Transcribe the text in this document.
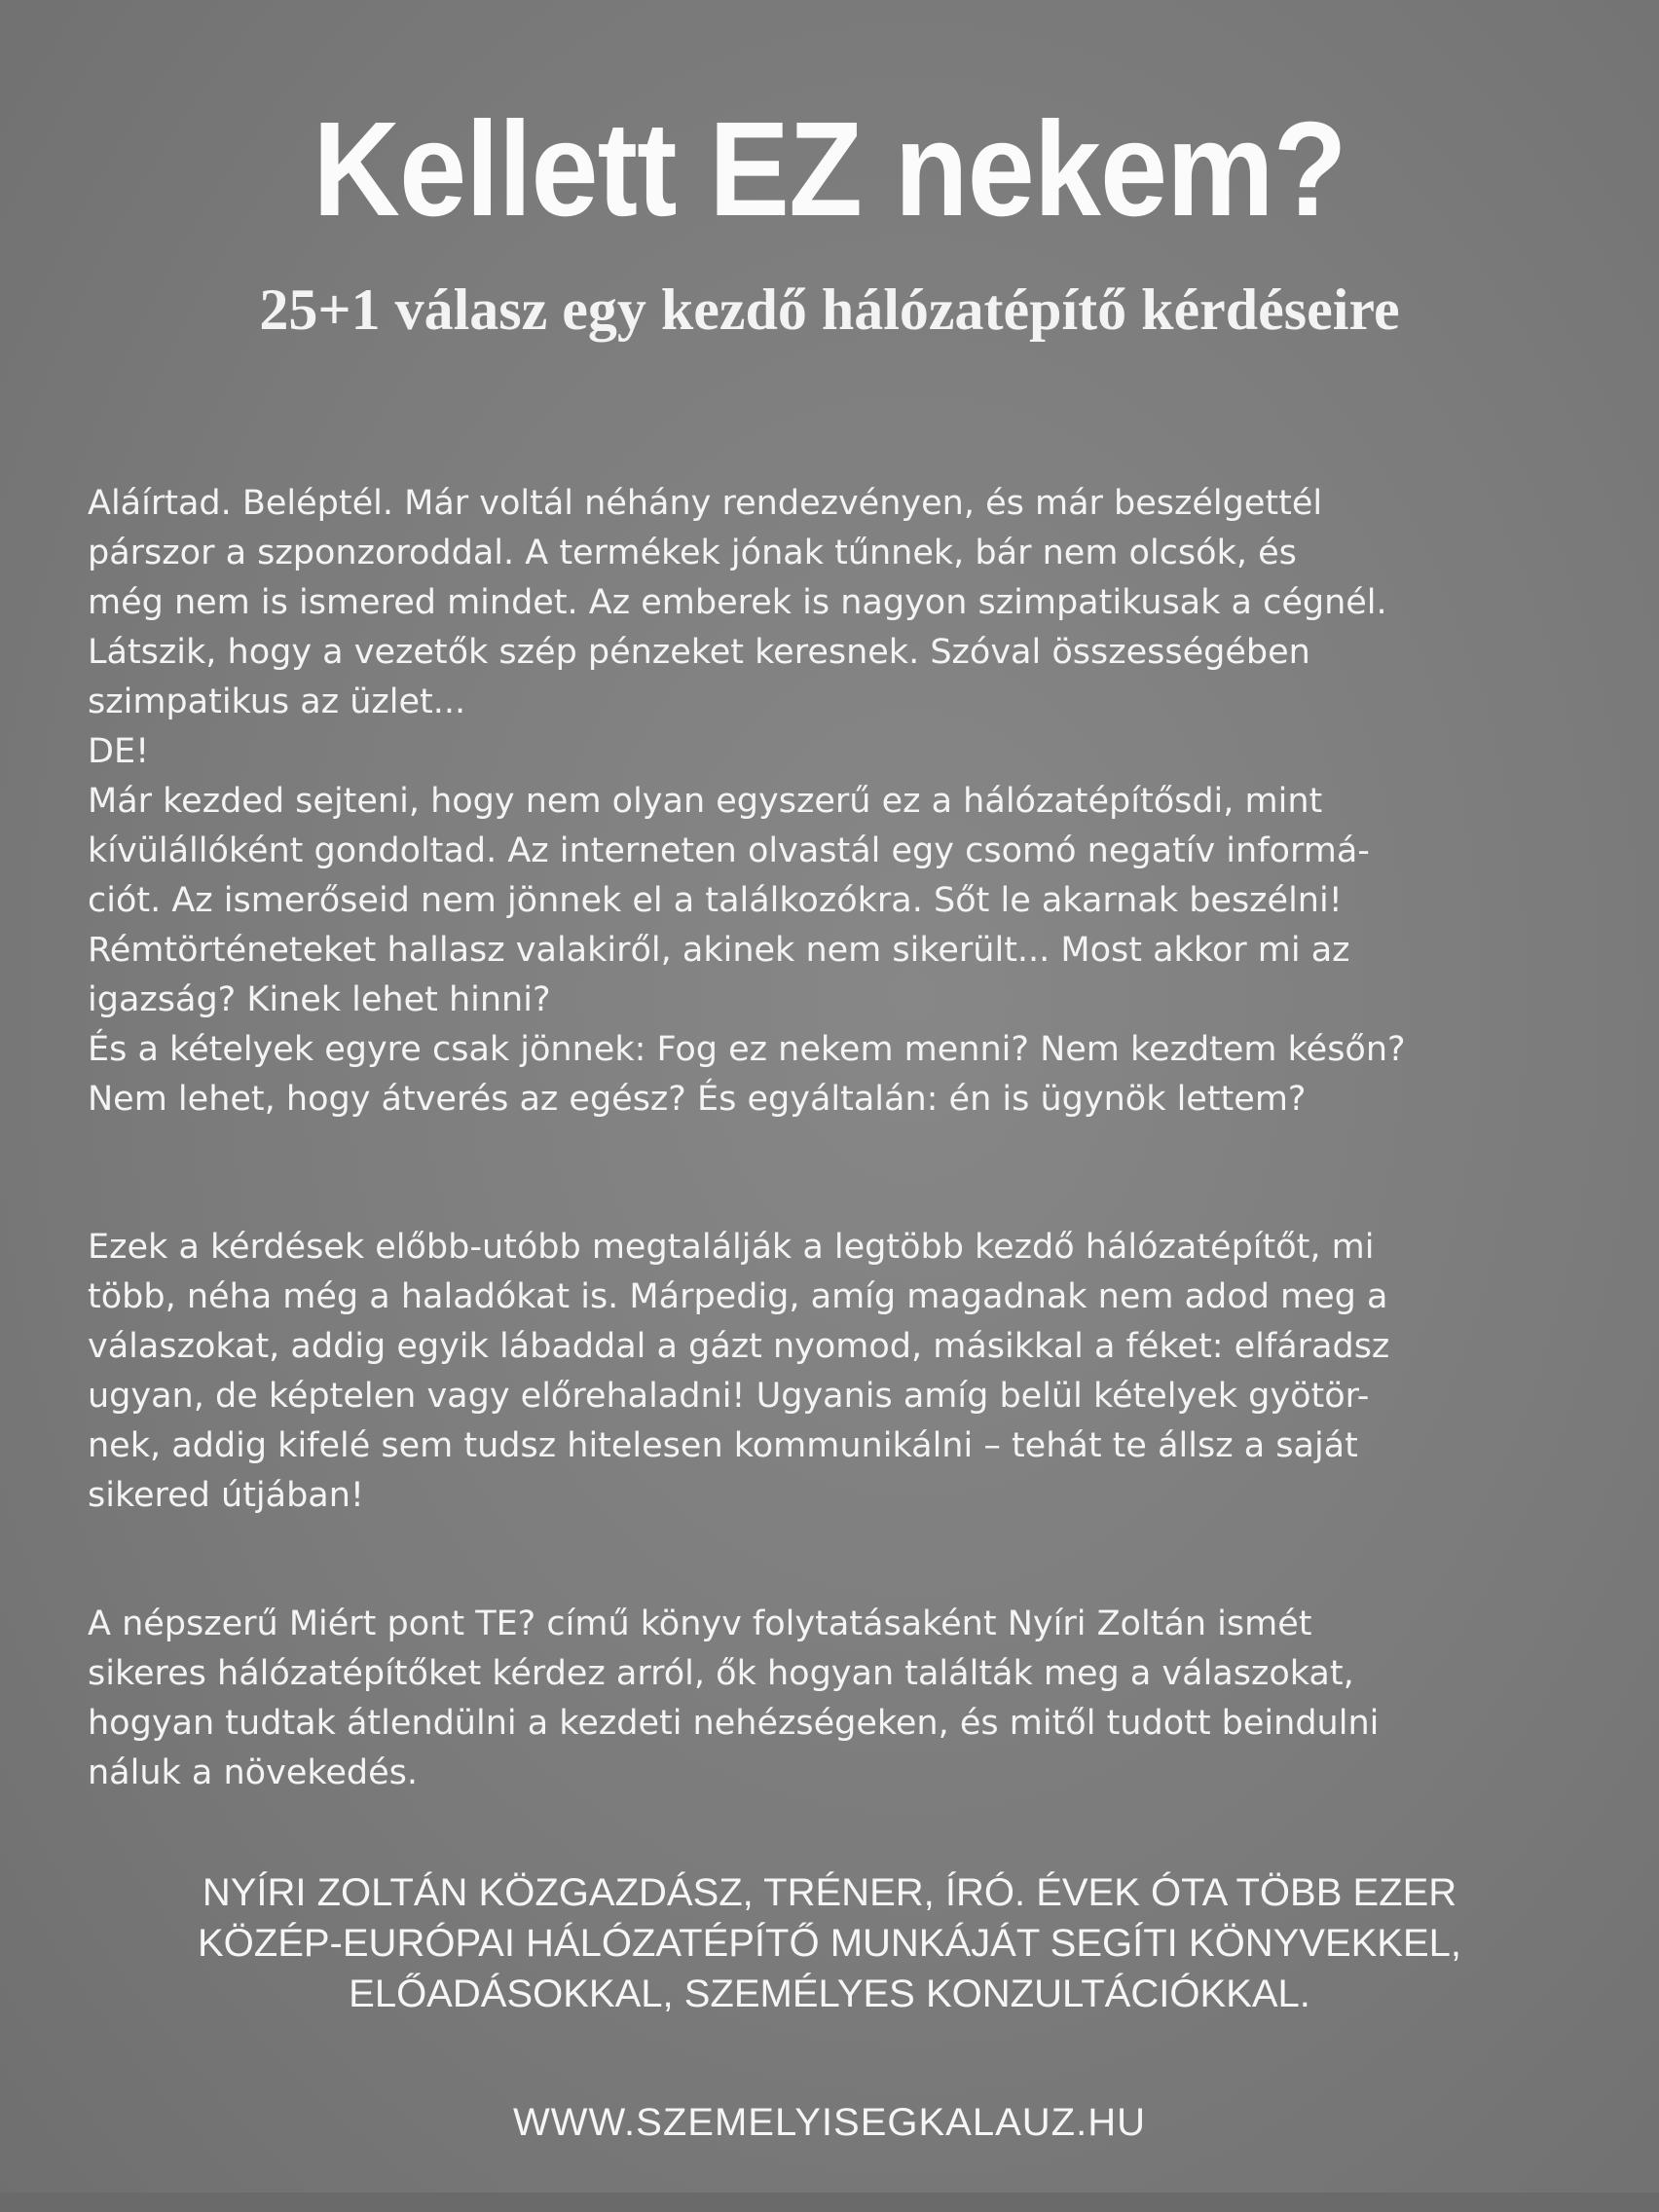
Kellett EZ nekem?
25+1 válasz egy kezdő hálózatépítő kérdéseire
Aláírtad. Beléptél. Már voltál néhány rendezvényen, és már beszélgettél
párszor a szponzoroddal. A termékek jónak tűnnek, bár nem olcsók, és
még nem is ismered mindet. Az emberek is nagyon szimpatikusak a cégnél.
Látszik, hogy a vezetők szép pénzeket keresnek. Szóval összességében
szimpatikus az üzlet...
DE!
Már kezded sejteni, hogy nem olyan egyszerű ez a hálózatépítősdi, mint
kívülállóként gondoltad. Az interneten olvastál egy csomó negatív informá-
ciót. Az ismerőseid nem jönnek el a találkozókra. Sőt le akarnak beszélni!
Rémtörténeteket hallasz valakiről, akinek nem sikerült... Most akkor mi az
igazság? Kinek lehet hinni?
És a kételyek egyre csak jönnek: Fog ez nekem menni? Nem kezdtem későn?
Nem lehet, hogy átverés az egész? És egyáltalán: én is ügynök lettem?
Ezek a kérdések előbb-utóbb megtalálják a legtöbb kezdő hálózatépítőt, mi
több, néha még a haladókat is. Márpedig, amíg magadnak nem adod meg a
válaszokat, addig egyik lábaddal a gázt nyomod, másikkal a féket: elfáradsz
ugyan, de képtelen vagy előrehaladni! Ugyanis amíg belül kételyek gyötör-
nek, addig kifelé sem tudsz hitelesen kommunikálni – tehát te állsz a saját
sikered útjában!
A népszerű Miért pont TE? című könyv folytatásaként Nyíri Zoltán ismét
sikeres hálózatépítőket kérdez arról, ők hogyan találták meg a válaszokat,
hogyan tudtak átlendülni a kezdeti nehézségeken, és mitől tudott beindulni
náluk a növekedés.
NYÍRI ZOLTÁN KÖZGAZDÁSZ, TRÉNER, ÍRÓ. ÉVEK ÓTA TÖBB EZER
KÖZÉP-EURÓPAI HÁLÓZATÉPÍTŐ MUNKÁJÁT SEGÍTI KÖNYVEKKEL,
ELŐADÁSOKKAL, SZEMÉLYES KONZULTÁCIÓKKAL.
WWW.SZEMELYISEGKALAUZ.HU
